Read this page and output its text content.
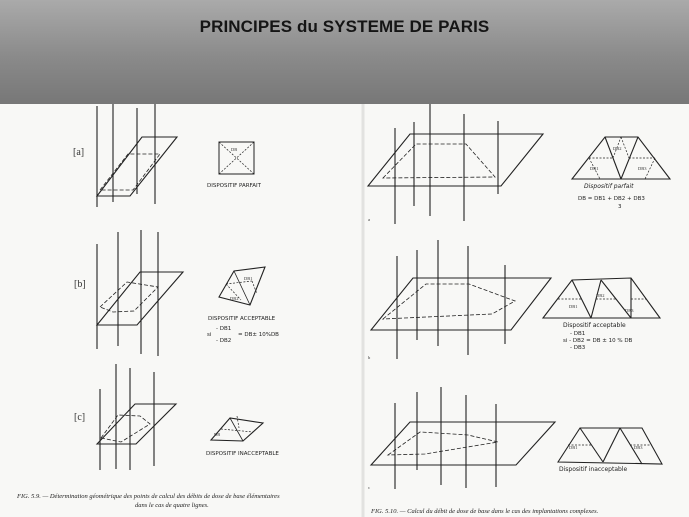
PRINCIPES du SYSTEME DE PARIS
[a]	DB
DISPOSITIF PARFAIT
[b]
DB1
DB2
DISPOSITIF ACCEPTABLE
- DB1
si
- DB2
= DB± 10%DB
[c]
DB
DISPOSITIF INACCEPTABLE
FIG. 5.9. — Détermination géométrique des points de calcul des débits de dose de base élémentaires
dans le cas de quatre lignes.
a
DB2
DB1	DB3
Dispositif parfait
DB = DB1 + DB2 + DB3
3
b
DB1
DB2
DB3
Dispositif acceptable
- DB1
si - DB2 = DB ± 10 % DB
- DB3
c
DB1	DB3
Dispositif inacceptable
FIG. 5.10. — Calcul du débit de dose de base dans le cas des implantations complexes.
